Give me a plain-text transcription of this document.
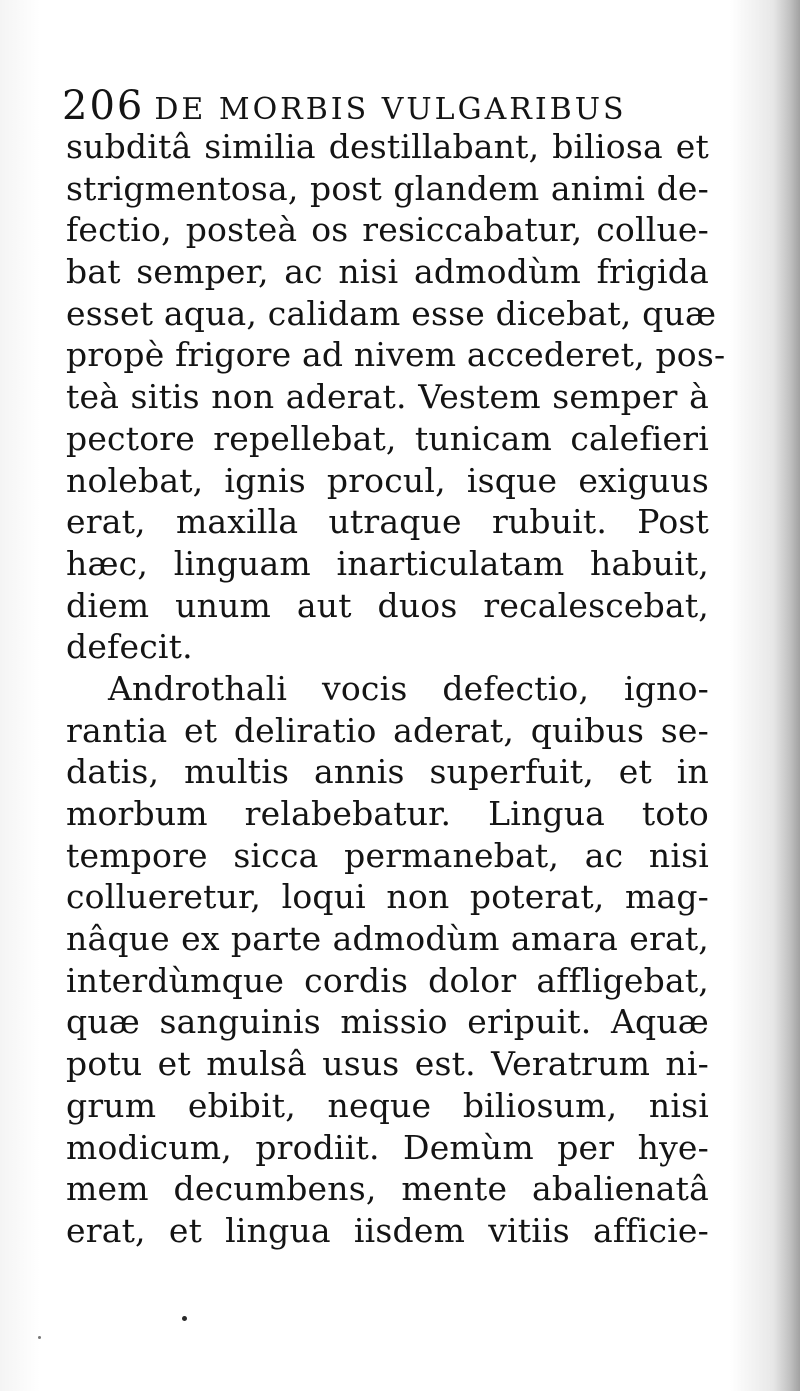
206 DE MORBIS VULGARIBUS
subditâ similia destillabant, biliosa et
strigmentosa, post glandem animi de-
fectio, posteà os resiccabatur, collue-
bat semper, ac nisi admodùm frigida
esset aqua, calidam esse dicebat, quæ
propè frigore ad nivem accederet, pos-
teà sitis non aderat. Vestem semper à
pectore repellebat, tunicam calefieri
nolebat, ignis procul, isque exiguus
erat, maxilla utraque rubuit. Post
hæc, linguam inarticulatam habuit,
diem unum aut duos recalescebat,
defecit.
Androthali vocis defectio, igno-
rantia et deliratio aderat, quibus se-
datis, multis annis superfuit, et in
morbum relabebatur. Lingua toto
tempore sicca permanebat, ac nisi
collueretur, loqui non poterat, mag-
nâque ex parte admodùm amara erat,
interdùmque cordis dolor affligebat,
quæ sanguinis missio eripuit. Aquæ
potu et mulsâ usus est. Veratrum ni-
grum ebibit, neque biliosum, nisi
modicum, prodiit. Demùm per hye-
mem decumbens, mente abalienatâ
erat, et lingua iisdem vitiis afficie-
